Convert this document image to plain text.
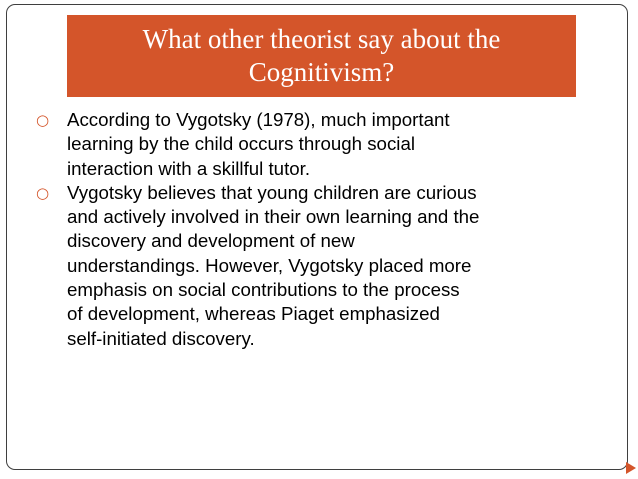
What other theorist say about the
Cognitivism?
○ According to Vygotsky (1978), much important
learning by the child occurs through social
interaction with a skillful tutor.
○ Vygotsky believes that young children are curious
and actively involved in their own learning and the
discovery and development of new
understandings. However, Vygotsky placed more
emphasis on social contributions to the process
of development, whereas Piaget emphasized
self-initiated discovery.
